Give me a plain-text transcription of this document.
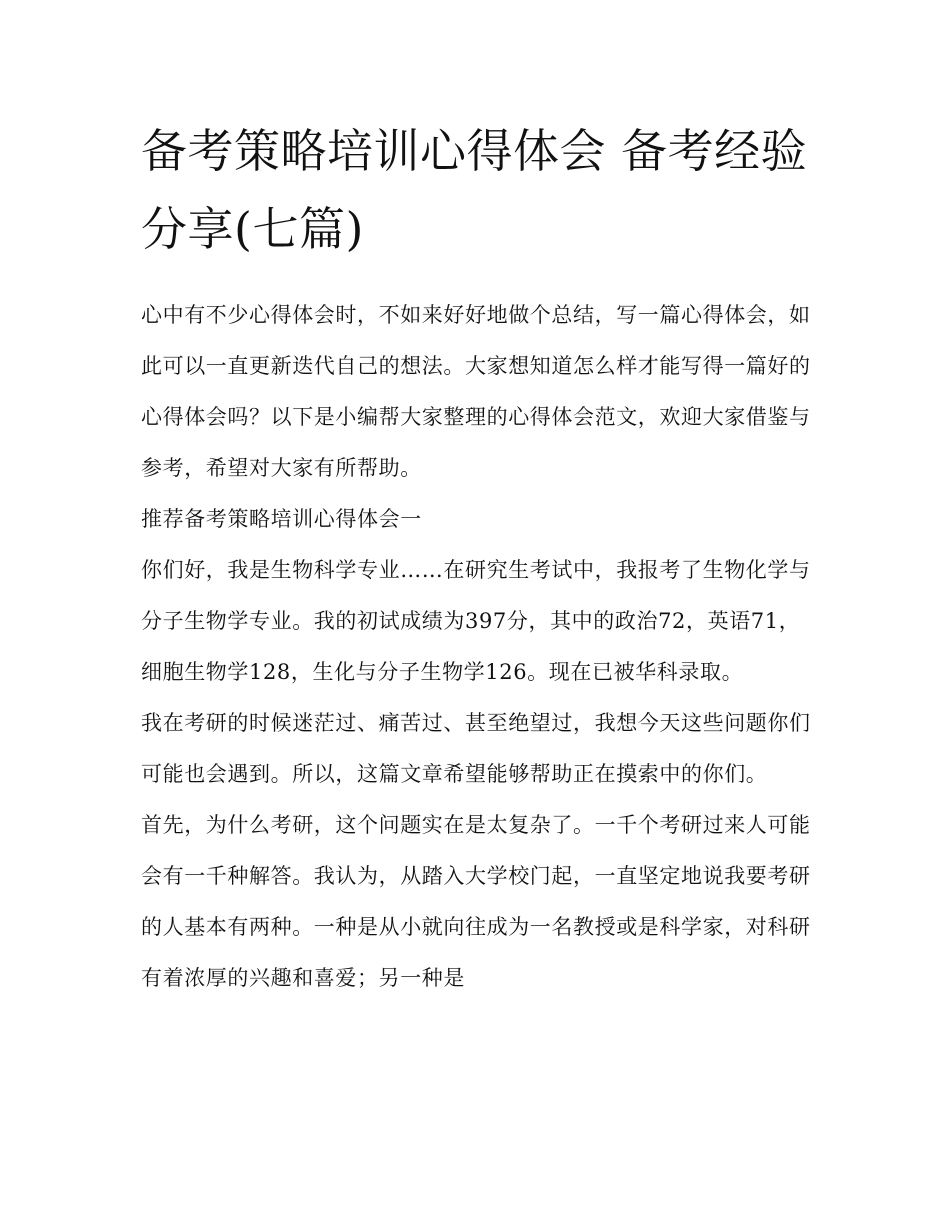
备考策略培训心得体会 备考经验分享(七篇)

心中有不少心得体会时，不如来好好地做个总结，写一篇心得体会，如此可以一直更新迭代自己的想法。大家想知道怎么样才能写得一篇好的心得体会吗？以下是小编帮大家整理的心得体会范文，欢迎大家借鉴与参考，希望对大家有所帮助。

推荐备考策略培训心得体会一

你们好，我是生物科学专业……在研究生考试中，我报考了生物化学与分子生物学专业。我的初试成绩为397分，其中的政治72，英语71，细胞生物学128，生化与分子生物学126。现在已被华科录取。

我在考研的时候迷茫过、痛苦过、甚至绝望过，我想今天这些问题你们可能也会遇到。所以，这篇文章希望能够帮助正在摸索中的你们。

首先，为什么考研，这个问题实在是太复杂了。一千个考研过来人可能会有一千种解答。我认为，从踏入大学校门起，一直坚定地说我要考研的人基本有两种。一种是从小就向往成为一名教授或是科学家，对科研有着浓厚的兴趣和喜爱；另一种是
